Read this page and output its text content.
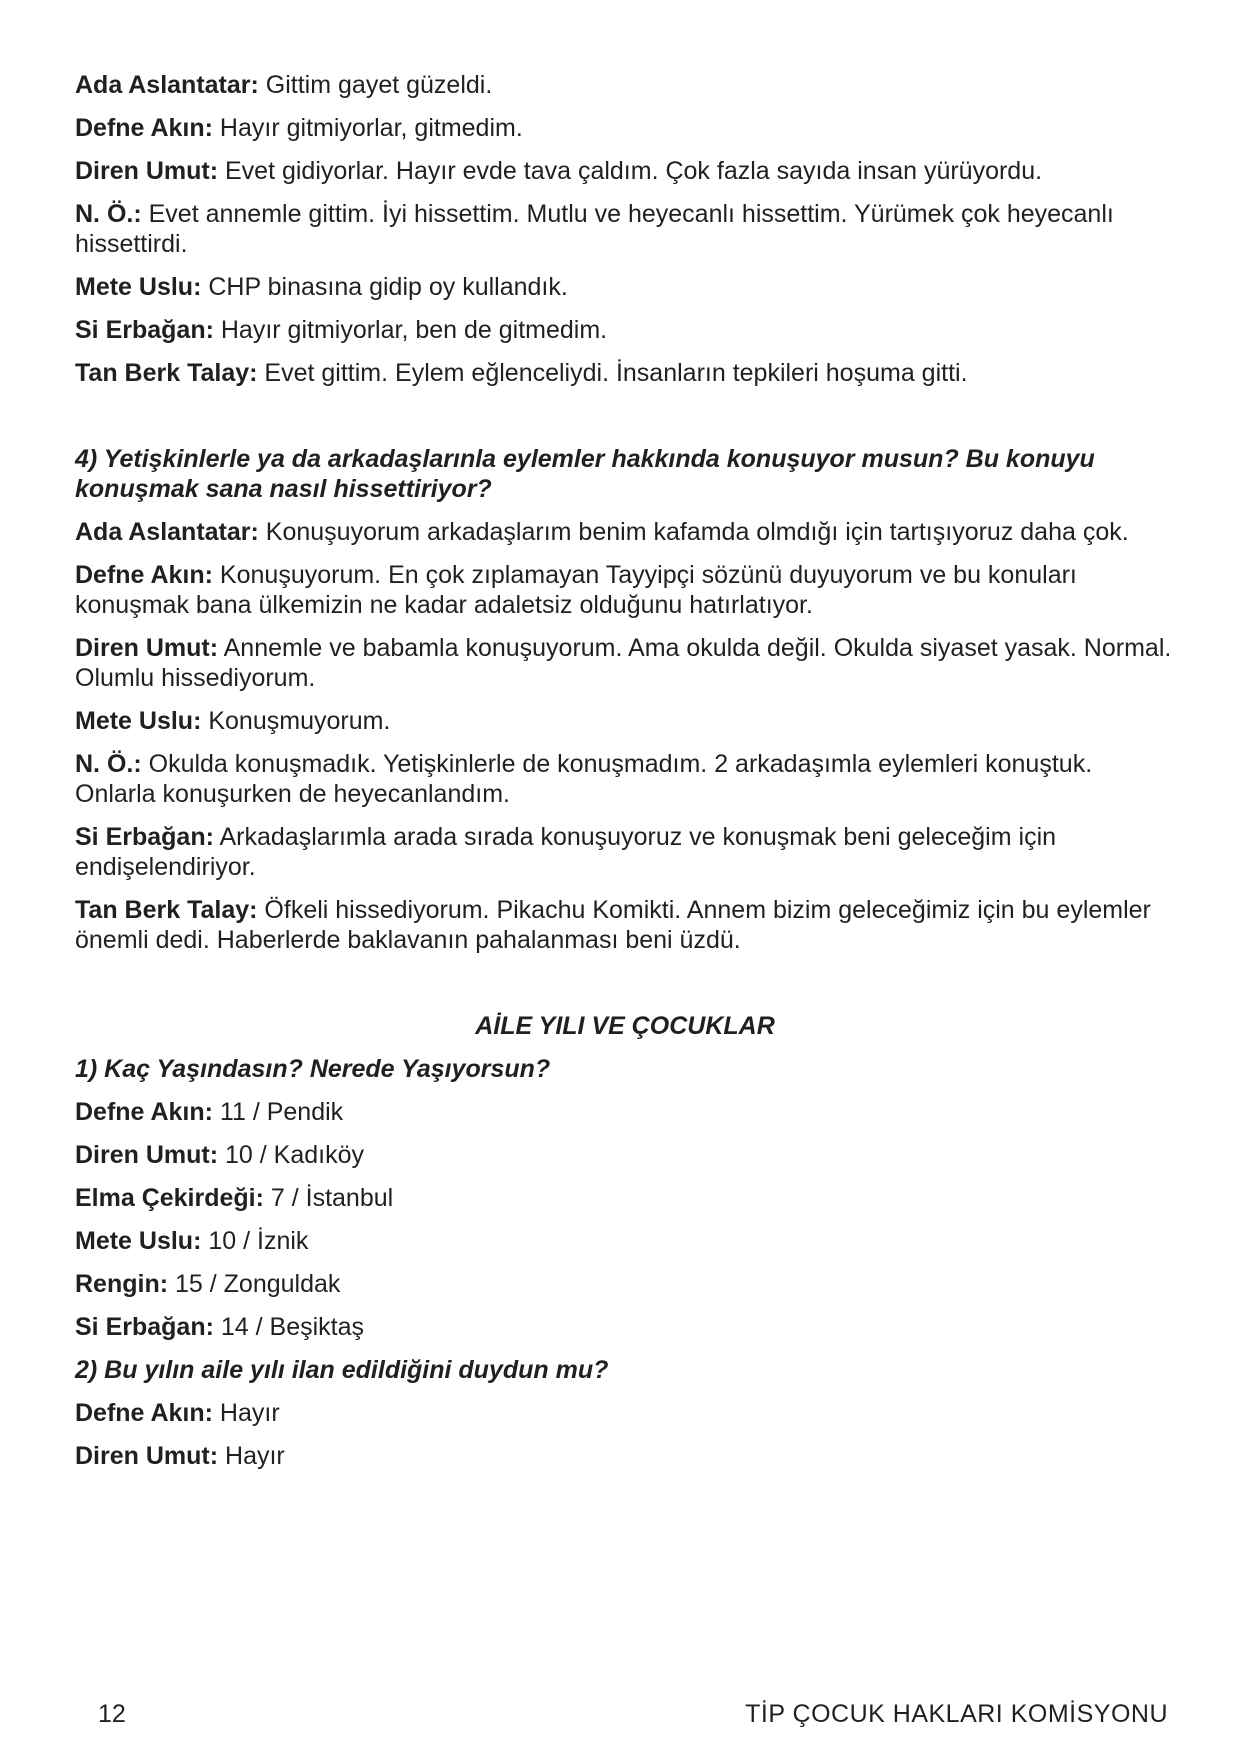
Ada Aslantatar: Gittim gayet güzeldi.

Defne Akın: Hayır gitmiyorlar, gitmedim.

Diren Umut: Evet gidiyorlar. Hayır evde tava çaldım. Çok fazla sayıda insan yürüyordu.

N. Ö.: Evet annemle gittim. İyi hissettim. Mutlu ve heyecanlı hissettim. Yürümek çok heyecanlı hissettirdi.

Mete Uslu: CHP binasına gidip oy kullandık.

Si Erbağan: Hayır gitmiyorlar, ben de gitmedim.

Tan Berk Talay: Evet gittim. Eylem eğlenceliydi. İnsanların tepkileri hoşuma gitti.

4) Yetişkinlerle ya da arkadaşlarınla eylemler hakkında konuşuyor musun? Bu konuyu konuşmak sana nasıl hissettiriyor?

Ada Aslantatar: Konuşuyorum arkadaşlarım benim kafamda olmdığı için tartışıyoruz daha çok.

Defne Akın: Konuşuyorum. En çok zıplamayan Tayyipçi sözünü duyuyorum ve bu konuları konuşmak bana ülkemizin ne kadar adaletsiz olduğunu hatırlatıyor.

Diren Umut: Annemle ve babamla konuşuyorum. Ama okulda değil. Okulda siyaset yasak. Normal. Olumlu hissediyorum.

Mete Uslu: Konuşmuyorum.

N. Ö.: Okulda konuşmadık. Yetişkinlerle de konuşmadım. 2 arkadaşımla eylemleri konuştuk. Onlarla konuşurken de heyecanlandım.

Si Erbağan: Arkadaşlarımla arada sırada konuşuyoruz ve konuşmak beni geleceğim için endişelendiriyor.

Tan Berk Talay: Öfkeli hissediyorum. Pikachu Komikti. Annem bizim geleceğimiz için bu eylemler önemli dedi. Haberlerde baklavanın pahalanması beni üzdü.

AİLE YILI VE ÇOCUKLAR

1) Kaç Yaşındasın? Nerede Yaşıyorsun?

Defne Akın: 11 / Pendik

Diren Umut: 10 / Kadıköy

Elma Çekirdeği: 7 / İstanbul

Mete Uslu: 10 / İznik

Rengin: 15 / Zonguldak

Si Erbağan: 14 / Beşiktaş

2) Bu yılın aile yılı ilan edildiğini duydun mu?

Defne Akın: Hayır

Diren Umut: Hayır

12	TİP ÇOCUK HAKLARI KOMİSYONU
